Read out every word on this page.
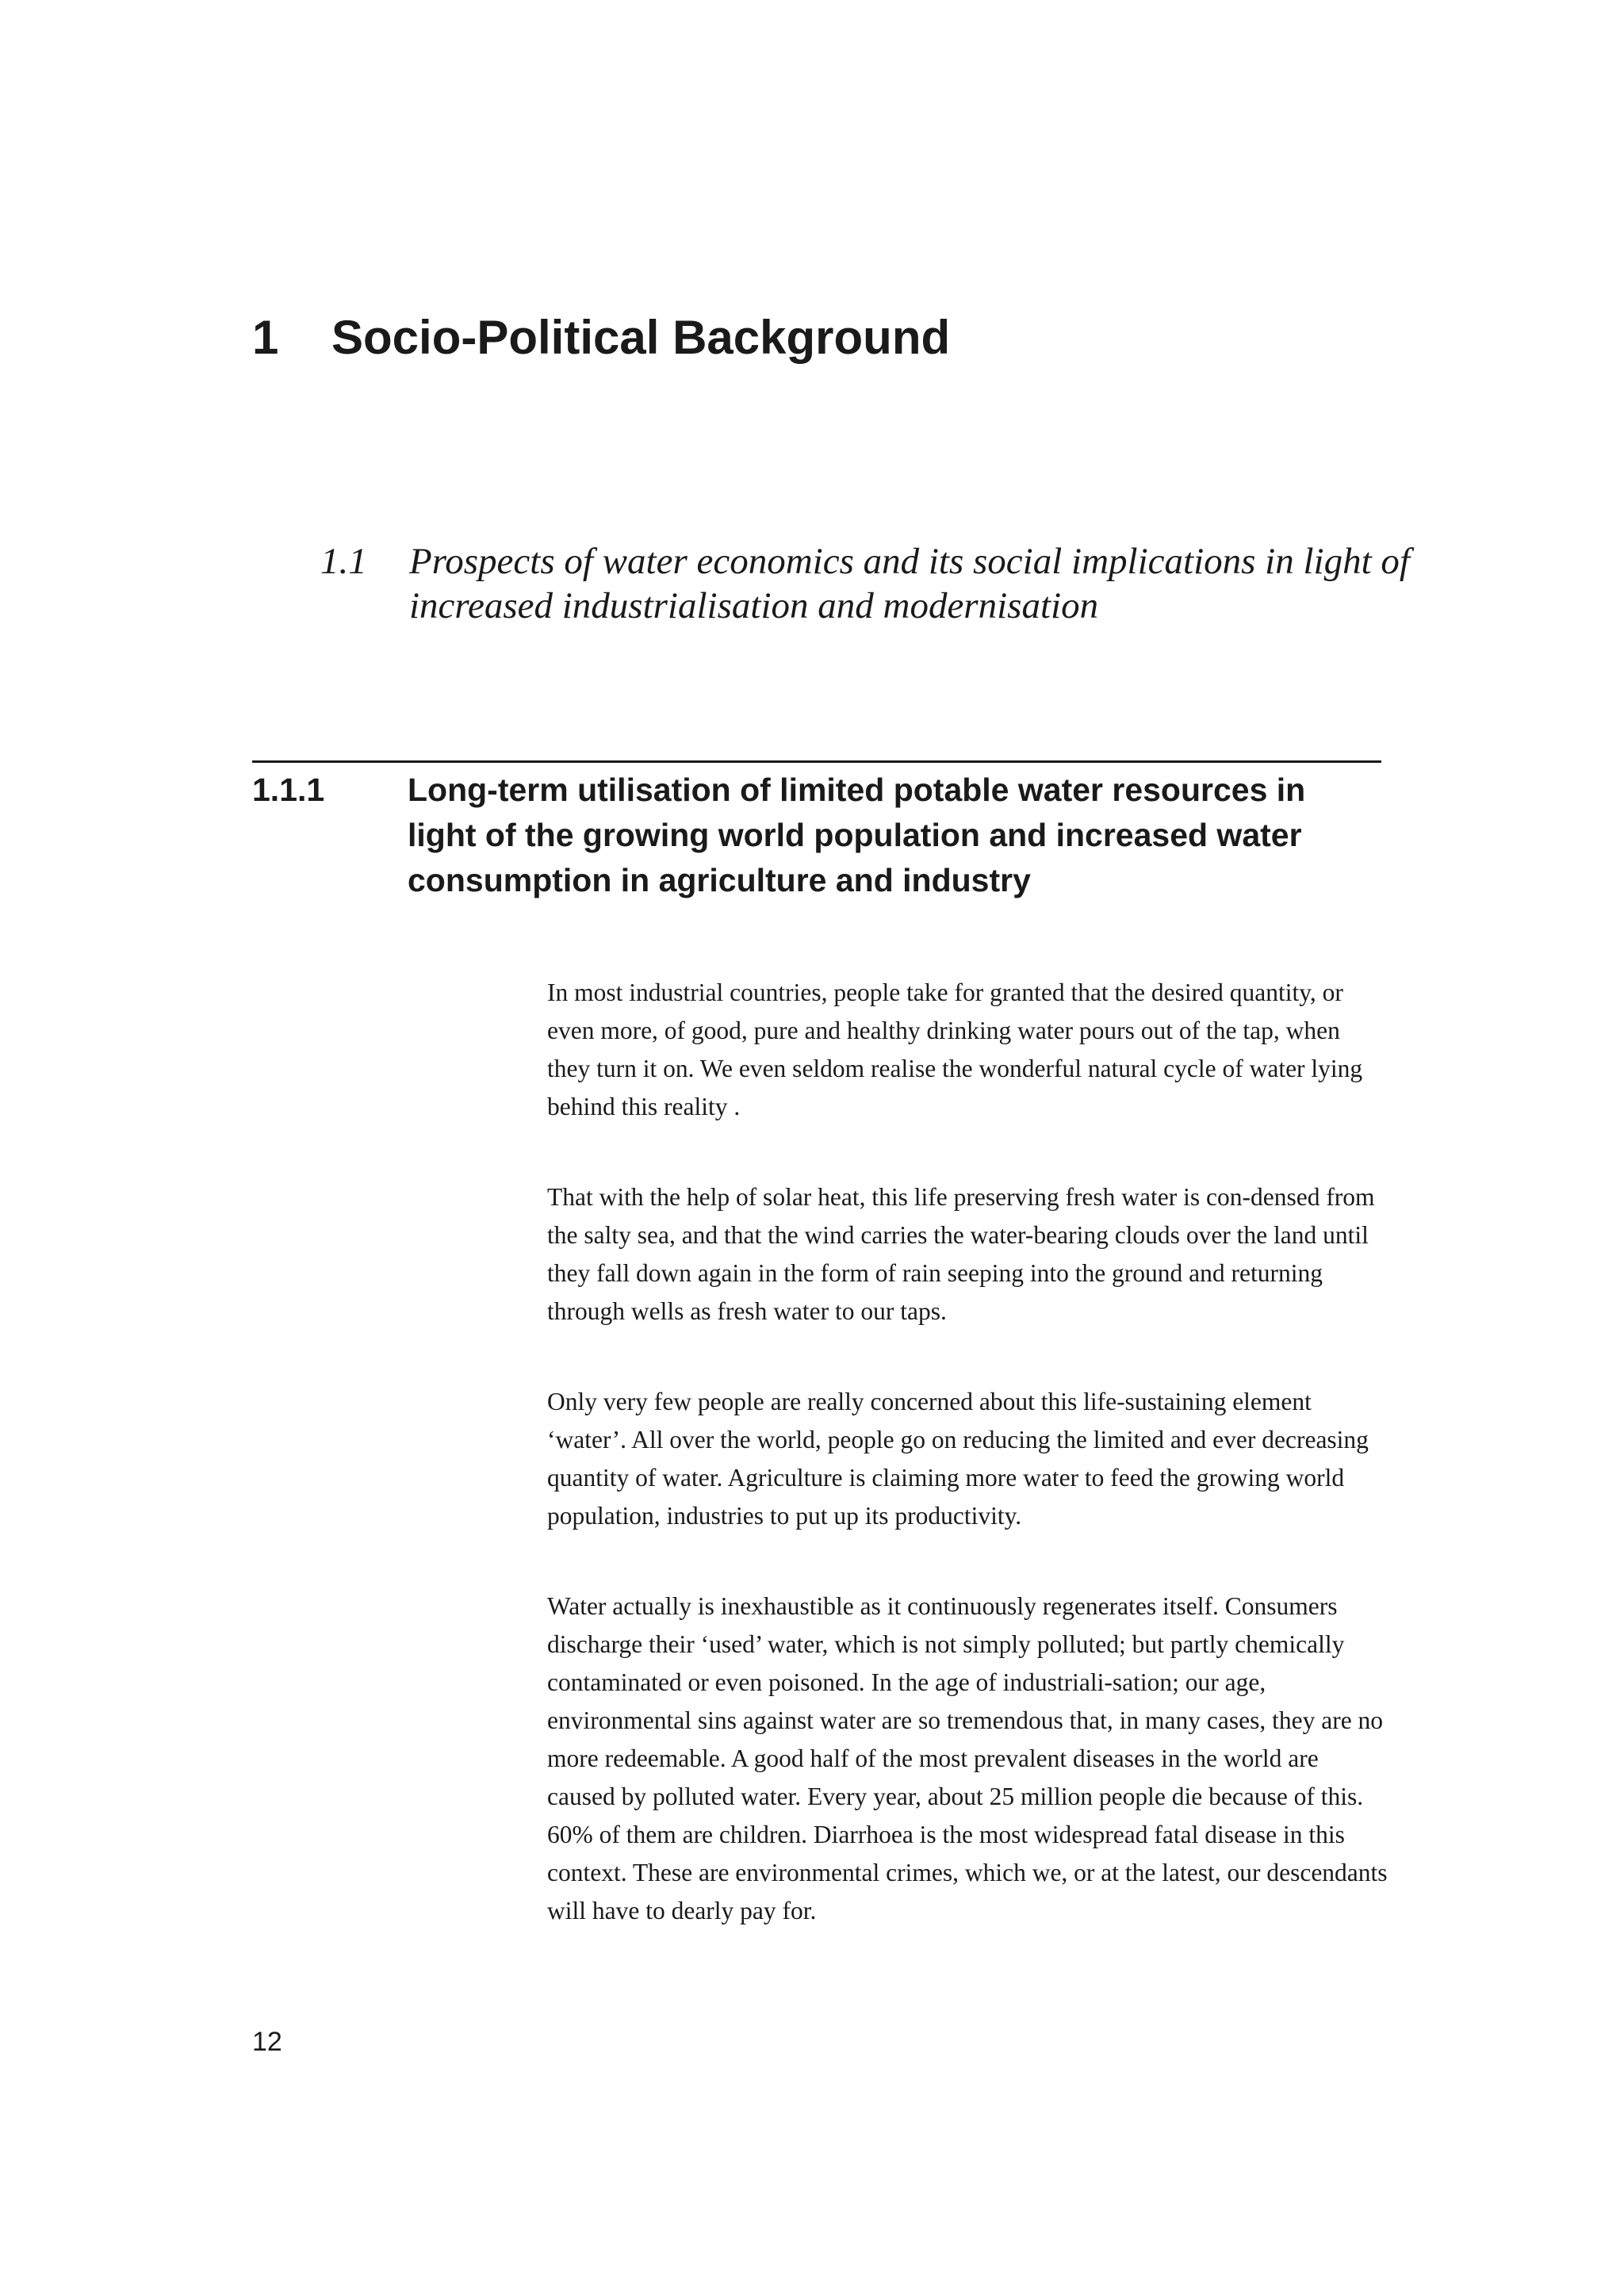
1 Socio-Political Background
1.1	Prospects of water economics and its social implications in light of increased industrialisation and modernisation
1.1.1	Long-term utilisation of limited potable water resources in light of the growing world population and increased water consumption in agriculture and industry

In most industrial countries, people take for granted that the desired quantity, or even more, of good, pure and healthy drinking water pours out of the tap, when they turn it on. We even seldom realise the wonderful natural cycle of water lying behind this reality .

That with the help of solar heat, this life preserving fresh water is con-densed from the salty sea, and that the wind carries the water-bearing clouds over the land until they fall down again in the form of rain seeping into the ground and returning through wells as fresh water to our taps.

Only very few people are really concerned about this life-sustaining element ‘water’. All over the world, people go on reducing the limited and ever decreasing quantity of water. Agriculture is claiming more water to feed the growing world population, industries to put up its productivity.

Water actually is inexhaustible as it continuously regenerates itself. Consumers discharge their ‘used’ water, which is not simply polluted; but partly chemically contaminated or even poisoned. In the age of industriali-sation; our age, environmental sins against water are so tremendous that, in many cases, they are no more redeemable. A good half of the most prevalent diseases in the world are caused by polluted water. Every year, about 25 million people die because of this. 60% of them are children. Diarrhoea is the most widespread fatal disease in this context. These are environmental crimes, which we, or at the latest, our descendants will have to dearly pay for.

12
